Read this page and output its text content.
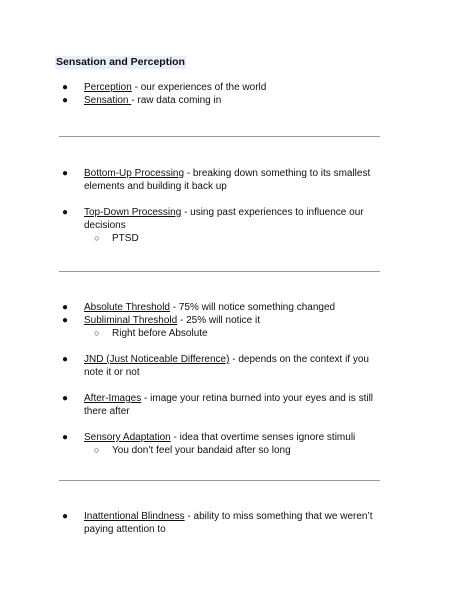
Sensation and Perception
● Perception - our experiences of the world
● Sensation - raw data coming in
● Bottom-Up Processing - breaking down something to its smallest elements and building it back up
● Top-Down Processing - using past experiences to influence our decisions
○ PTSD
● Absolute Threshold - 75% will notice something changed
● Subliminal Threshold - 25% will notice it
○ Right before Absolute
● JND (Just Noticeable Difference) - depends on the context if you note it or not
● After-Images - image your retina burned into your eyes and is still there after
● Sensory Adaptation - idea that overtime senses ignore stimuli
○ You don’t feel your bandaid after so long
● Inattentional Blindness - ability to miss something that we weren’t paying attention to
